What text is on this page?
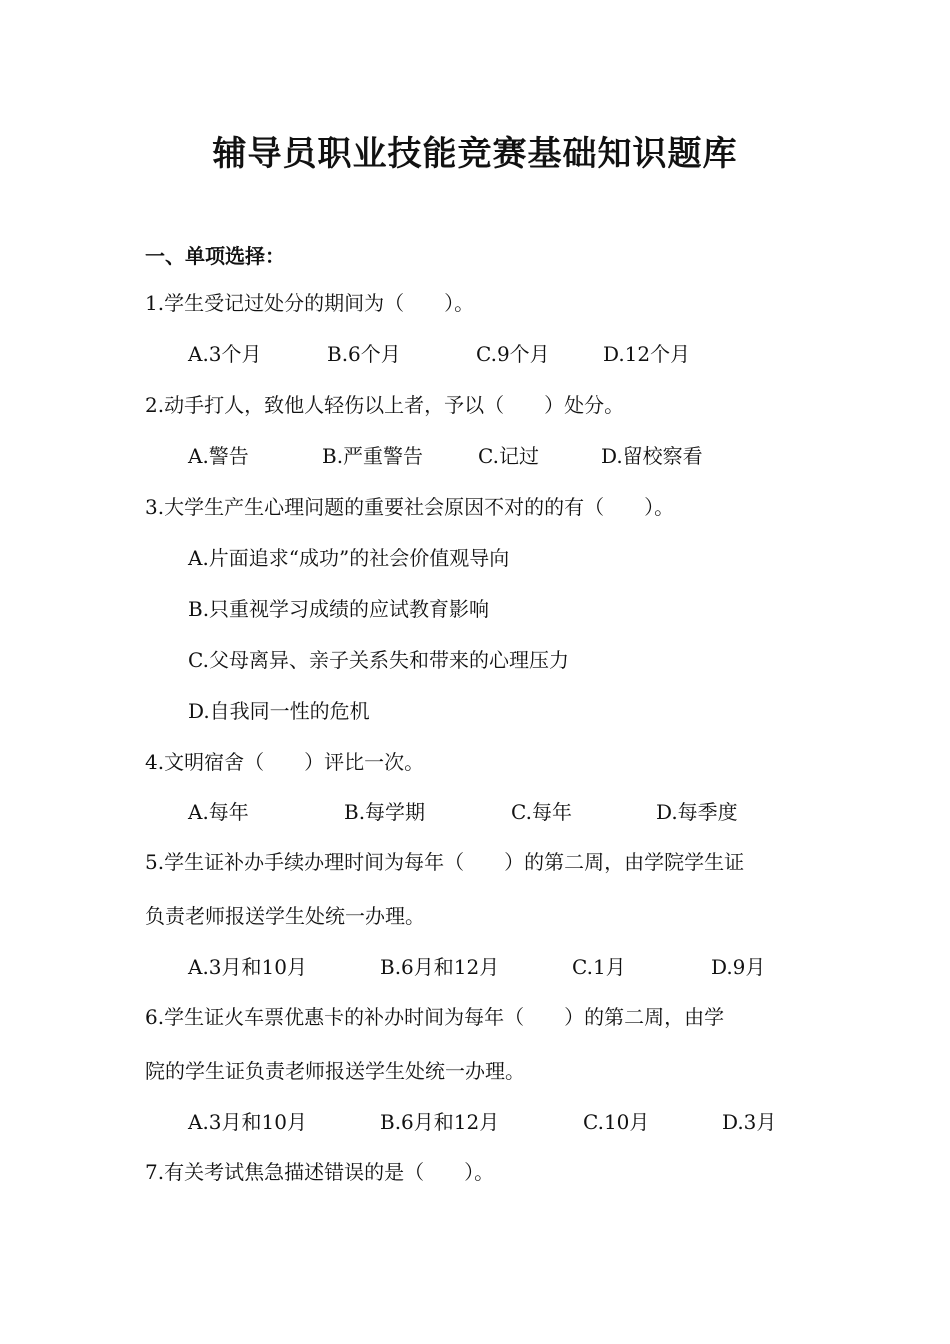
辅导员职业技能竞赛基础知识题库
一、单项选择：
1.学生受记过处分的期间为（　　）。
A.3个月	B.6个月	C.9个月	D.12个月
2.动手打人，致他人轻伤以上者，予以（　　）处分。
A.警告	B.严重警告	C.记过	D.留校察看
3.大学生产生心理问题的重要社会原因不对的的有（　　）。
A.片面追求“成功”的社会价值观导向
B.只重视学习成绩的应试教育影响
C.父母离异、亲子关系失和带来的心理压力
D.自我同一性的危机
4.文明宿舍（　　）评比一次。
A.每年	B.每学期	C.每年	D.每季度
5.学生证补办手续办理时间为每年（　　）的第二周，由学院学生证
负责老师报送学生处统一办理。
A.3月和10月	B.6月和12月	C.1月	D.9月
6.学生证火车票优惠卡的补办时间为每年（　　）的第二周，由学
院的学生证负责老师报送学生处统一办理。
A.3月和10月	B.6月和12月	C.10月	D.3月
7.有关考试焦急描述错误的是（　　）。
